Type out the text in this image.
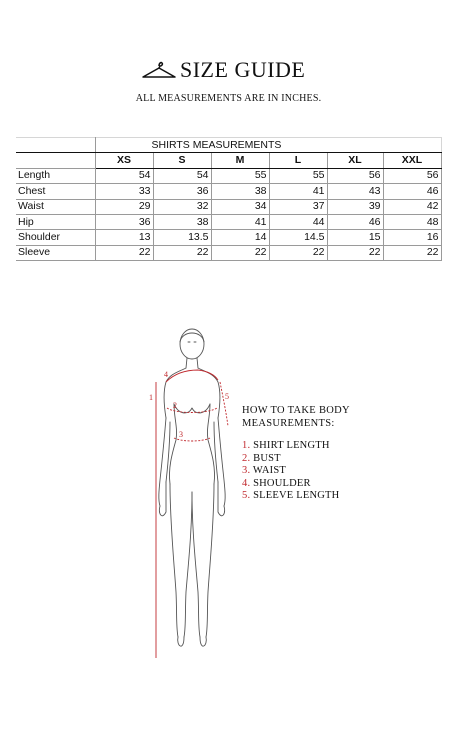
SIZE GUIDE
ALL MEASUREMENTS ARE IN INCHES.
	SHIRTS MEASUREMENTS					
	XS	S	M	L	XL	XXL
Length	54	54	55	55	56	56
Chest	33	36	38	41	43	46
Waist	29	32	34	37	39	42
Hip	36	38	41	44	46	48
Shoulder	13	13.5	14	14.5	15	16
Sleeve	22	22	22	22	22	22
1
2
3
4
5
HOW TO TAKE BODY
MEASUREMENTS:
1. SHIRT LENGTH
2. BUST
3. WAIST
4. SHOULDER
5. SLEEVE LENGTH
